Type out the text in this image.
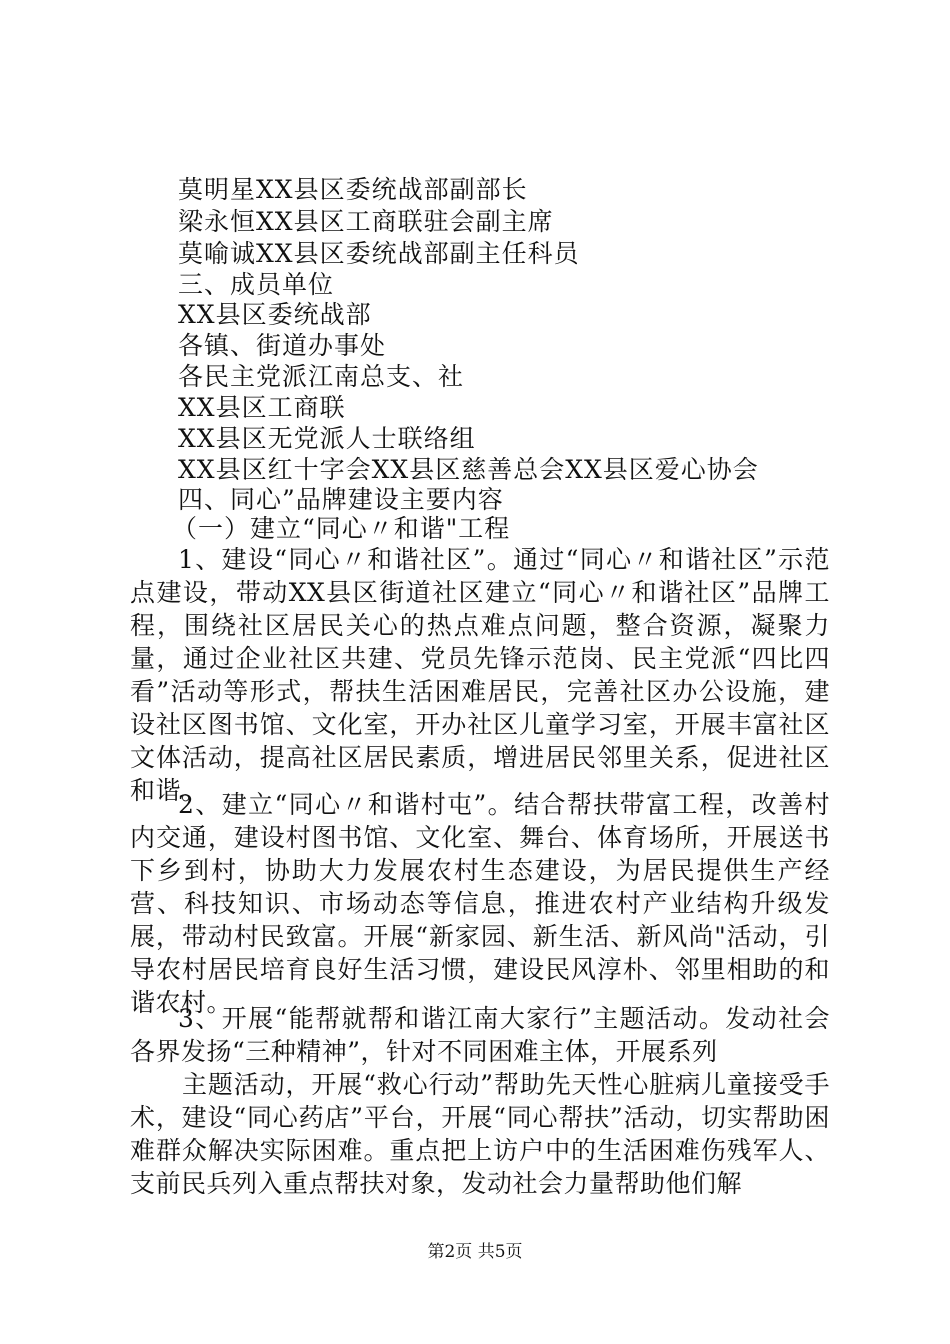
莫明星XX县区委统战部副部长
梁永恒XX县区工商联驻会副主席
莫喻诚XX县区委统战部副主任科员
三、成员单位
XX县区委统战部
各镇、街道办事处
各民主党派江南总支、社
XX县区工商联
XX县区无党派人士联络组
XX县区红十字会XX县区慈善总会XX县区爱心协会
四、同心”品牌建设主要内容
（一）建立“同心〃和谐"工程
1、建设“同心〃和谐社区”。通过“同心〃和谐社区”示范点建设，带动XX县区街道社区建立“同心〃和谐社区”品牌工程，围绕社区居民关心的热点难点问题，整合资源，凝聚力量，通过企业社区共建、党员先锋示范岗、民主党派“四比四看”活动等形式，帮扶生活困难居民，完善社区办公设施，建设社区图书馆、文化室，开办社区儿童学习室，开展丰富社区文体活动，提高社区居民素质，增进居民邻里关系，促进社区和谐。
2、建立“同心〃和谐村屯”。结合帮扶带富工程，改善村内交通，建设村图书馆、文化室、舞台、体育场所，开展送书下乡到村，协助大力发展农村生态建设，为居民提供生产经营、科技知识、市场动态等信息，推进农村产业结构升级发展，带动村民致富。开展“新家园、新生活、新风尚"活动，引导农村居民培育良好生活习惯，建设民风淳朴、邻里相助的和谐农村。
3、开展“能帮就帮和谐江南大家行”主题活动。发动社会各界发扬“三种精神”，针对不同困难主体，开展系列
主题活动，开展“救心行动”帮助先天性心脏病儿童接受手术，建设“同心药店”平台，开展“同心帮扶”活动，切实帮助困难群众解决实际困难。重点把上访户中的生活困难伤残军人、支前民兵列入重点帮扶对象，发动社会力量帮助他们解
第2页 共5页
